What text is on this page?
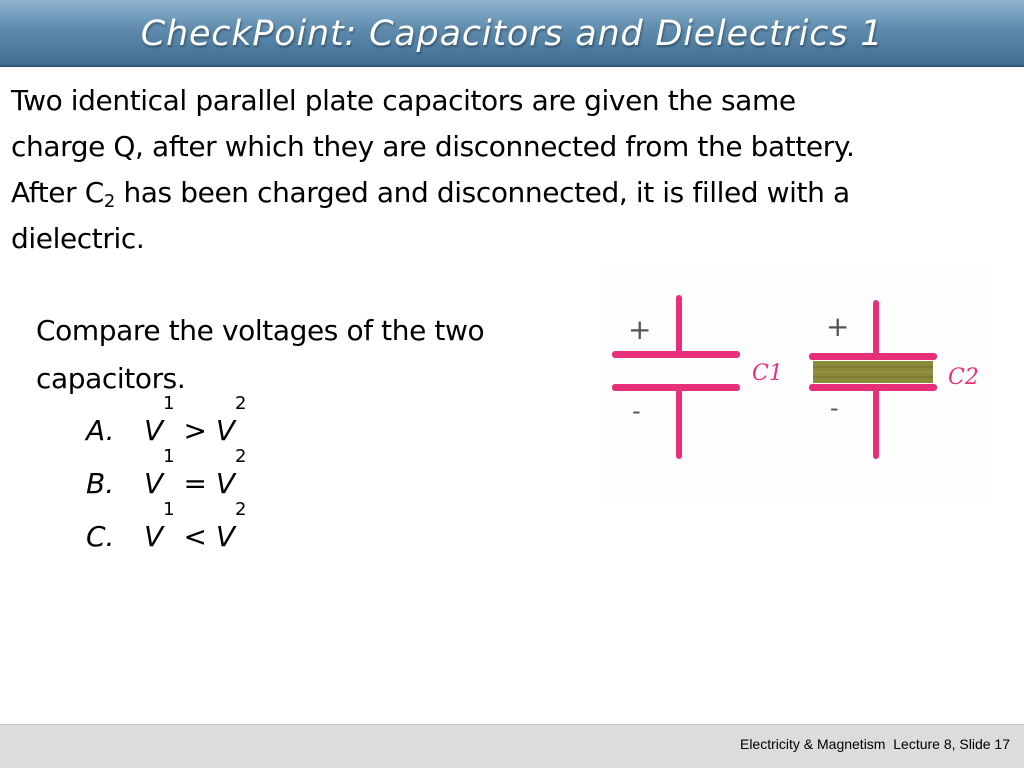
CheckPoint: Capacitors and Dielectrics 1
Two identical parallel plate capacitors are given the same
charge Q, after which they are disconnected from the battery.
After $C_2$ has been charged and disconnected, it is filled with a
dielectric.
Compare the voltages of the two
capacitors.
A.	V
1
> V
2
B.	V
1
= V
2
C.	V
1
< V
2
+
-
C1
+
-
C2
Electricity & Magnetism  Lecture 8, Slide 17
